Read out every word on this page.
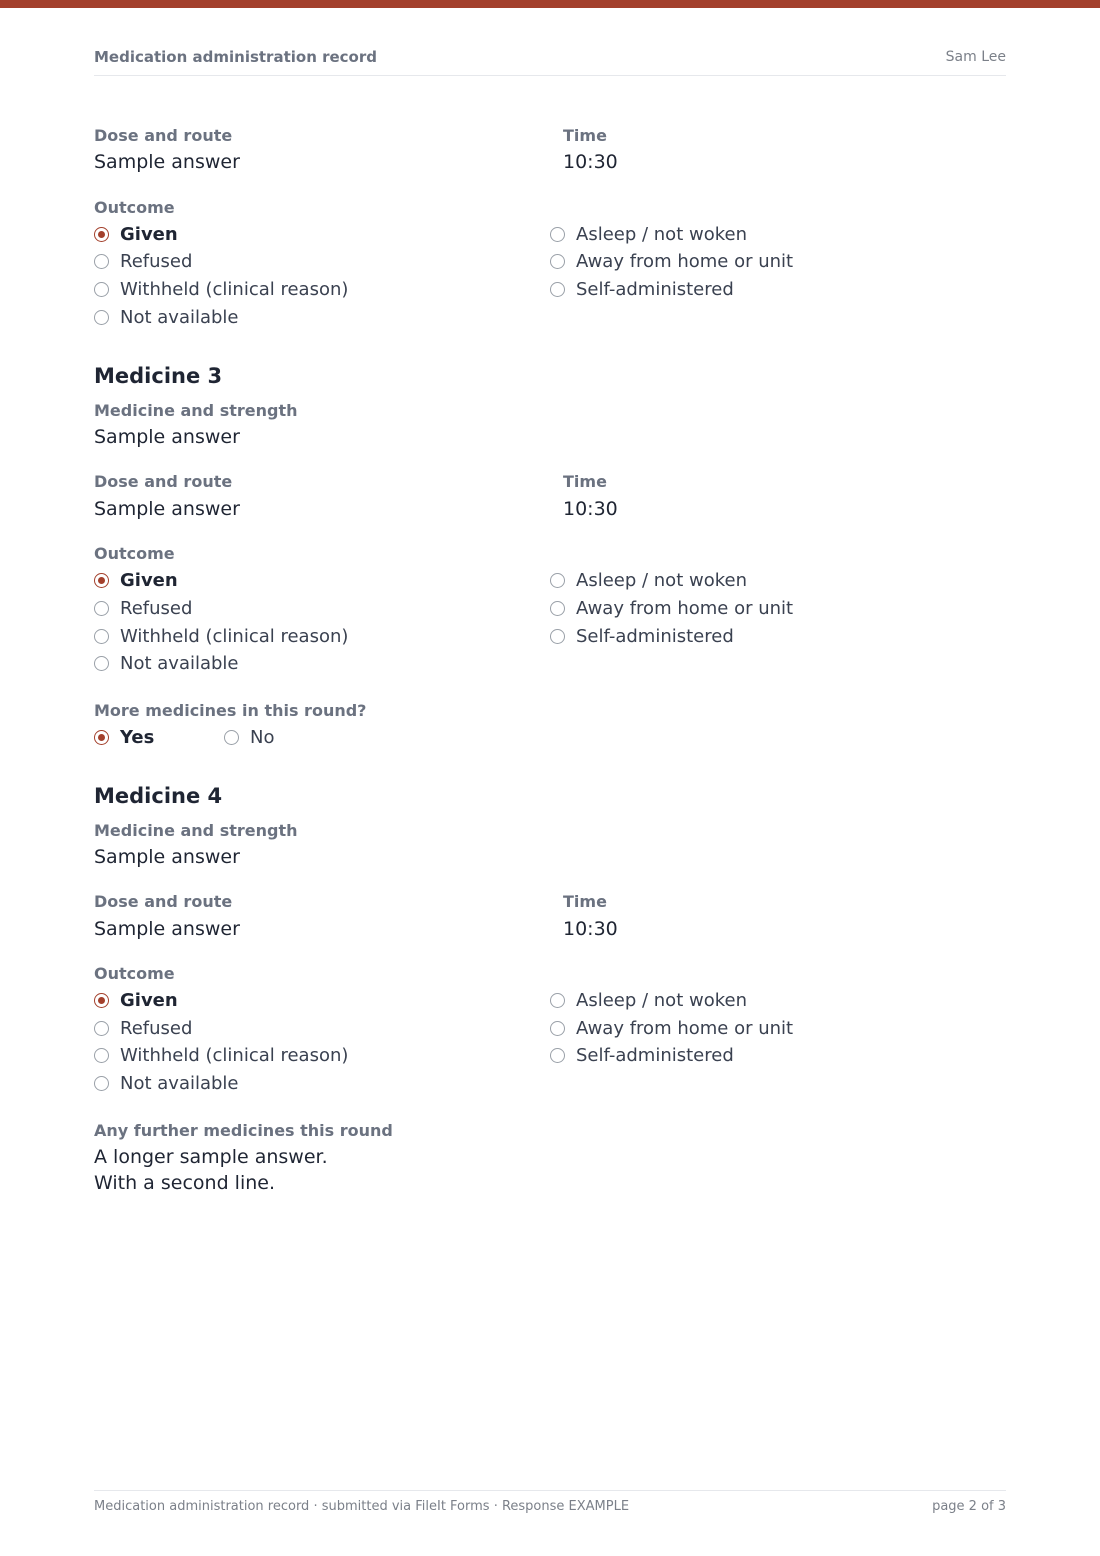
Medication administration record	Sam Lee
Dose and route
Sample answer
Time
10:30
Outcome
Given
Refused
Withheld (clinical reason)
Not available
Asleep / not woken
Away from home or unit
Self-administered
Medicine 3
Medicine and strength
Sample answer
Dose and route
Sample answer
Time
10:30
Outcome
Given
Refused
Withheld (clinical reason)
Not available
Asleep / not woken
Away from home or unit
Self-administered
More medicines in this round?
Yes	No
Medicine 4
Medicine and strength
Sample answer
Dose and route
Sample answer
Time
10:30
Outcome
Given
Refused
Withheld (clinical reason)
Not available
Asleep / not woken
Away from home or unit
Self-administered
Any further medicines this round
A longer sample answer.
With a second line.
Medication administration record · submitted via FileIt Forms · Response EXAMPLE	page 2 of 3
